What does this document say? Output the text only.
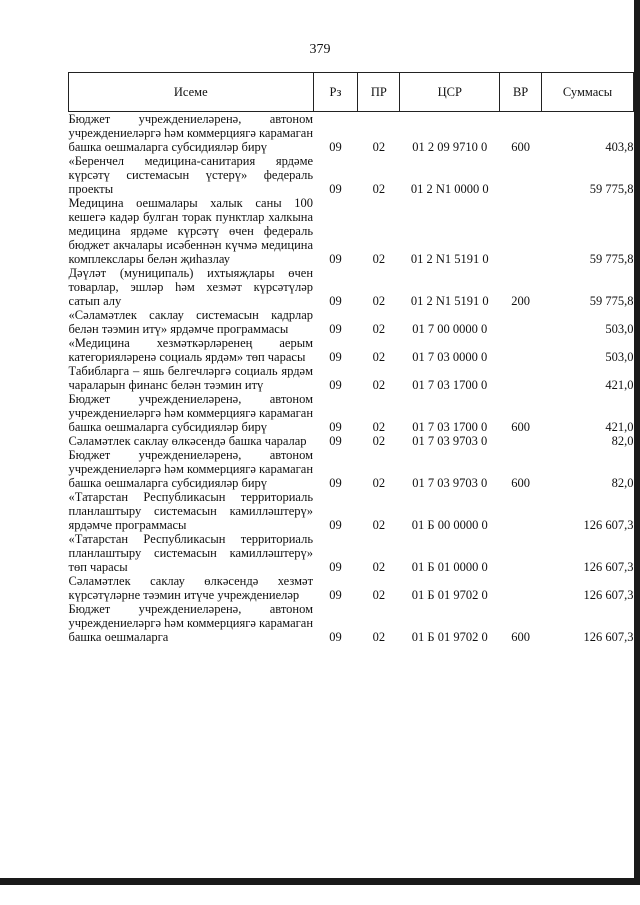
379
Исеме	Рз	ПР	ЦСР	ВР	Суммасы
Бюджет учреждениеләренә, автоном учреждениеләргә һәм коммерциягә карамаган башка оешмаларга субсидияләр бирү	09	02	01 2 09 9710 0	600	403,8
«Беренчел медицина-санитария ярдәме күрсәтү системасын үстерү» федераль проекты	09	02	01 2 N1 0000 0		59 775,8
Медицина оешмалары халык саны 100 кешегә кадәр булган торак пунктлар халкына медицина ярдәме күрсәтү өчен федераль бюджет акчалары исәбеннән күчмә медицина комплекслары белән җиһазлау	09	02	01 2 N1 5191 0		59 775,8
Дәүләт (муниципаль) ихтыяҗлары өчен товарлар, эшләр һәм хезмәт күрсәтүләр сатып алу	09	02	01 2 N1 5191 0	200	59 775,8
«Сәламәтлек саклау системасын кадрлар белән тәэмин итү» ярдәмче программасы	09	02	01 7 00 0000 0		503,0
«Медицина хезмәткәрләренең аерым категорияләренә социаль ярдәм» төп чарасы	09	02	01 7 03 0000 0		503,0
Табибларга – яшь белгечләргә социаль ярдәм чараларын финанс белән тәэмин итү	09	02	01 7 03 1700 0		421,0
Бюджет учреждениеләренә, автоном учреждениеләргә һәм коммерциягә карамаган башка оешмаларга субсидияләр бирү	09	02	01 7 03 1700 0	600	421,0
Сәламәтлек саклау өлкәсендә башка чаралар	09	02	01 7 03 9703 0		82,0
Бюджет учреждениеләренә, автоном учреждениеләргә һәм коммерциягә карамаган башка оешмаларга субсидияләр бирү	09	02	01 7 03 9703 0	600	82,0
«Татарстан Республикасын территориаль планлаштыру системасын камилләштерү» ярдәмче программасы	09	02	01 Б 00 0000 0		126 607,3
«Татарстан Республикасын территориаль планлаштыру системасын камилләштерү» төп чарасы	09	02	01 Б 01 0000 0		126 607,3
Сәламәтлек саклау өлкәсендә хезмәт күрсәтүләрне тәэмин итүче учреждениеләр	09	02	01 Б 01 9702 0		126 607,3
Бюджет учреждениеләренә, автоном учреждениеләргә һәм коммерциягә карамаган башка оешмаларга	09	02	01 Б 01 9702 0	600	126 607,3
